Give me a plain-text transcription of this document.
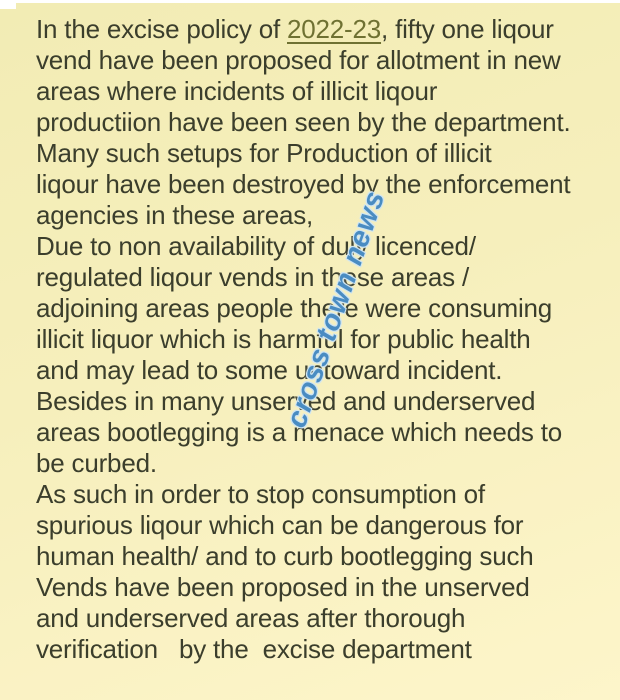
In the excise policy of 2022-23, fifty one liqour
vend have been proposed for allotment in new
areas where incidents of illicit liqour
productiion have been seen by the department.
Many such setups for Production of illicit
liqour have been destroyed by the enforcement
agencies in these areas,
Due to non availability of duly licenced/
regulated liqour vends in these areas /
adjoining areas people there were consuming
illicit liquor which is harmful for public health
and may lead to some untoward incident.
Besides in many unserved and underserved
areas bootlegging is a menace which needs to
be curbed.
As such in order to stop consumption of
spurious liqour which can be dangerous for
human health/ and to curb bootlegging such
Vends have been proposed in the unserved
and underserved areas after thorough
verification   by the  excise department
cross town news
